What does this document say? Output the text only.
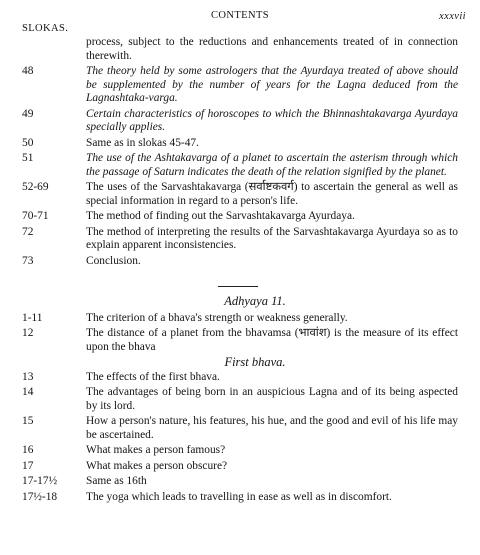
CONTENTS	xxxvii
SLOKAS.
process, subject to the reductions and enhancements treated of in connection therewith.
48	The theory held by some astrologers that the Ayurdaya treated of above should be supplemented by the number of years for the Lagna deduced from the Lagnashtaka-varga.
49	Certain characteristics of horoscopes to which the Bhinnashtakavarga Ayurdaya specially applies.
50	Same as in slokas 45-47.
51	The use of the Ashtakavarga of a planet to ascertain the asterism through which the passage of Saturn indicates the death of the relation signified by the planet.
52-69	The uses of the Sarvashtakavarga (सर्वाष्टकवर्ग) to ascertain the general as well as special information in regard to a person's life.
70-71	The method of finding out the Sarvashtakavarga Ayurdaya.
72	The method of interpreting the results of the Sarvashtakavarga Ayurdaya so as to explain apparent inconsistencies.
73	Conclusion.
Adhyaya 11.
1-11	The criterion of a bhava's strength or weakness generally.
12	The distance of a planet from the bhavamsa (भावांश) is the measure of its effect upon the bhava
First bhava.
13	The effects of the first bhava.
14	The advantages of being born in an auspicious Lagna and of its being aspected by its lord.
15	How a person's nature, his features, his hue, and the good and evil of his life may be ascertained.
16	What makes a person famous?
17	What makes a person obscure?
17-17½	Same as 16th
17½-18	The yoga which leads to travelling in ease as well as in discomfort.
